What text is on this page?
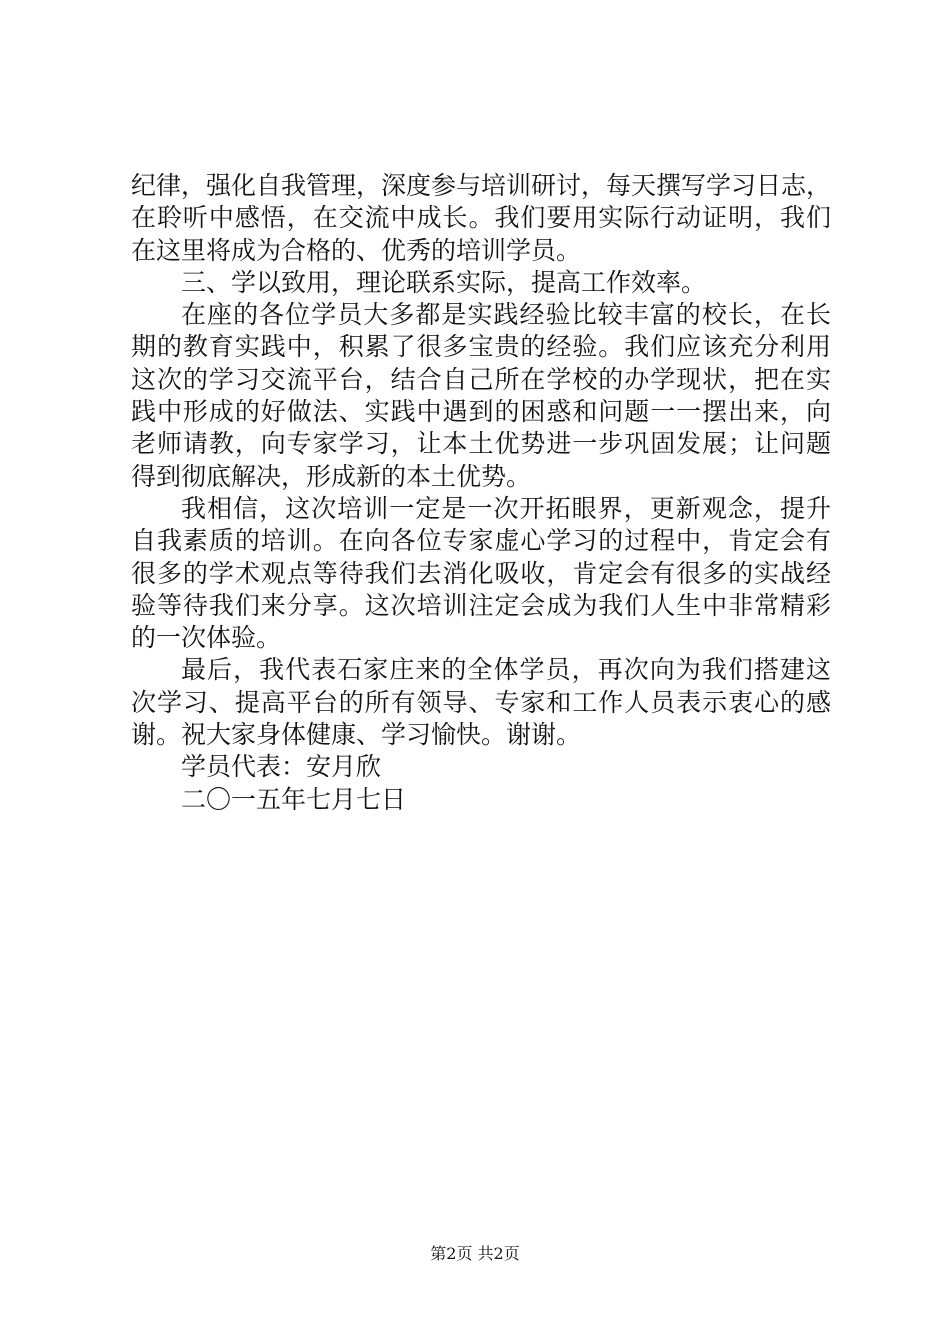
纪律，强化自我管理，深度参与培训研讨，每天撰写学习日志，
在聆听中感悟，在交流中成长。我们要用实际行动证明，我们
在这里将成为合格的、优秀的培训学员。
三、学以致用，理论联系实际，提高工作效率。
在座的各位学员大多都是实践经验比较丰富的校长，在长
期的教育实践中，积累了很多宝贵的经验。我们应该充分利用
这次的学习交流平台，结合自己所在学校的办学现状，把在实
践中形成的好做法、实践中遇到的困惑和问题一一摆出来，向
老师请教，向专家学习，让本土优势进一步巩固发展；让问题
得到彻底解决，形成新的本土优势。
我相信，这次培训一定是一次开拓眼界，更新观念，提升
自我素质的培训。在向各位专家虚心学习的过程中，肯定会有
很多的学术观点等待我们去消化吸收，肯定会有很多的实战经
验等待我们来分享。这次培训注定会成为我们人生中非常精彩
的一次体验。
最后，我代表石家庄来的全体学员，再次向为我们搭建这
次学习、提高平台的所有领导、专家和工作人员表示衷心的感
谢。祝大家身体健康、学习愉快。谢谢。
学员代表：安月欣
二〇一五年七月七日
第2页 共2页
